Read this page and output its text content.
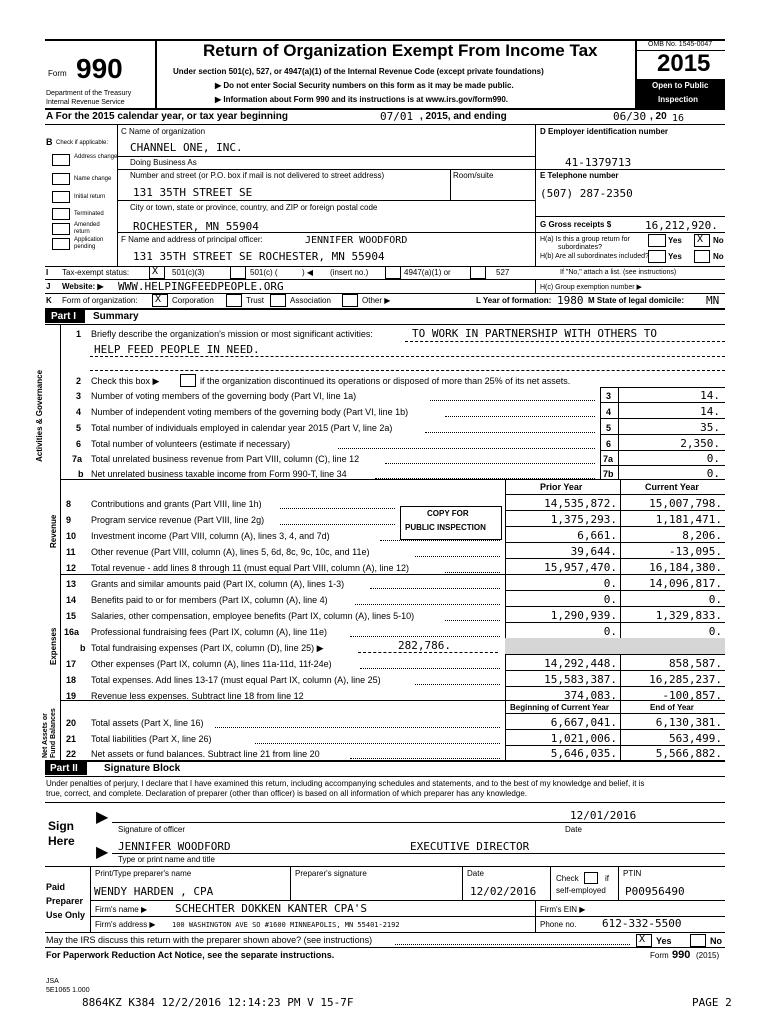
Form 990
Department of the Treasury
Internal Revenue Service
Return of Organization Exempt From Income Tax
Under section 501(c), 527, or 4947(a)(1) of the Internal Revenue Code (except private foundations)
▶ Do not enter Social Security numbers on this form as it may be made public.
▶ Information about Form 990 and its instructions is at www.irs.gov/form990.
OMB No. 1545-0047
2015
Open to Public
Inspection
A For the 2015 calendar year, or tax year beginning	07/01 , 2015, and ending	06/30 , 20 16
B Check if applicable:
Address change
Name change
Initial return
Terminated
Amended return
Application pending
C Name of organization
CHANNEL ONE, INC.
Doing Business As
Number and street (or P.O. box if mail is not delivered to street address)	Room/suite
131 35TH STREET SE
City or town, state or province, country, and ZIP or foreign postal code
ROCHESTER, MN 55904
F Name and address of principal officer:	JENNIFER WOODFORD
131 35TH STREET SE ROCHESTER, MN 55904
D Employer identification number
41-1379713
E Telephone number
(507) 287-2350
G Gross receipts $	16,212,920.
H(a) Is this a group return for
subordinates?
Yes X No
H(b) Are all subordinates included? Yes	No
I Tax-exempt status: X 501(c)(3)	501(c) (	) ◀ (insert no.)	4947(a)(1) or	527	If "No," attach a list. (see instructions)
J Website: ▶ WWW.HELPINGFEEDPEOPLE.ORG	H(c) Group exemption number ▶
K Form of organization: X Corporation	Trust	Association	Other ▶	L Year of formation: 1980 M State of legal domicile: MN
Part I Summary
Activities & Governance
Revenue
Expenses
Net Assets or Fund Balances
1 Briefly describe the organization's mission or most significant activities:	TO WORK IN PARTNERSHIP WITH OTHERS TO
HELP FEED PEOPLE IN NEED.
2 Check this box ▶	if the organization discontinued its operations or disposed of more than 25% of its net assets.
3 Number of voting members of the governing body (Part VI, line 1a)	3	14.
4 Number of independent voting members of the governing body (Part VI, line 1b)	4	14.
5 Total number of individuals employed in calendar year 2015 (Part V, line 2a)	5	35.
6 Total number of volunteers (estimate if necessary)	6	2,350.
7a Total unrelated business revenue from Part VIII, column (C), line 12	7a	0.
b Net unrelated business taxable income from Form 990-T, line 34	7b	0.
Prior Year	Current Year
COPY FOR
PUBLIC INSPECTION
8 Contributions and grants (Part VIII, line 1h)	14,535,872.	15,007,798.
9 Program service revenue (Part VIII, line 2g)	1,375,293.	1,181,471.
10 Investment income (Part VIII, column (A), lines 3, 4, and 7d)	6,661.	8,206.
11 Other revenue (Part VIII, column (A), lines 5, 6d, 8c, 9c, 10c, and 11e)	39,644.	-13,095.
12 Total revenue - add lines 8 through 11 (must equal Part VIII, column (A), line 12)	15,957,470.	16,184,380.
13 Grants and similar amounts paid (Part IX, column (A), lines 1-3)	0.	14,096,817.
14 Benefits paid to or for members (Part IX, column (A), line 4)	0.	0.
15 Salaries, other compensation, employee benefits (Part IX, column (A), lines 5-10)	1,290,939.	1,329,833.
16a Professional fundraising fees (Part IX, column (A), line 11e)	0.	0.
b Total fundraising expenses (Part IX, column (D), line 25) ▶	282,786.
17 Other expenses (Part IX, column (A), lines 11a-11d, 11f-24e)	14,292,448.	858,587.
18 Total expenses. Add lines 13-17 (must equal Part IX, column (A), line 25)	15,583,387.	16,285,237.
19 Revenue less expenses. Subtract line 18 from line 12	374,083.	-100,857.
Beginning of Current Year	End of Year
20 Total assets (Part X, line 16)	6,667,041.	6,130,381.
21 Total liabilities (Part X, line 26)	1,021,006.	563,499.
22 Net assets or fund balances. Subtract line 21 from line 20	5,646,035.	5,566,882.
Part II	Signature Block
Under penalties of perjury, I declare that I have examined this return, including accompanying schedules and statements, and to the best of my knowledge and belief, it is
true, correct, and complete. Declaration of preparer (other than officer) is based on all information of which preparer has any knowledge.
Sign
Here
▶
▶
Signature of officer
12/01/2016
Date
JENNIFER WOODFORD	EXECUTIVE DIRECTOR
Type or print name and title
Paid
Preparer
Use Only
Print/Type preparer's name	Preparer's signature	Date
Check	if
self-employed
PTIN
WENDY HARDEN , CPA	12/02/2016	P00956490
Firm's name ▶	SCHECHTER DOKKEN KANTER CPA'S	Firm's EIN ▶
Firm's address ▶ 100 WASHINGTON AVE SO #1600 MINNEAPOLIS, MN 55401-2192	Phone no. 612-332-5500
May the IRS discuss this return with the preparer shown above? (see instructions)	X Yes	No
For Paperwork Reduction Act Notice, see the separate instructions.	Form 990 (2015)
JSA
5E1065 1.000
8864KZ K384 12/2/2016 12:14:23 PM V 15-7F	PAGE 2
